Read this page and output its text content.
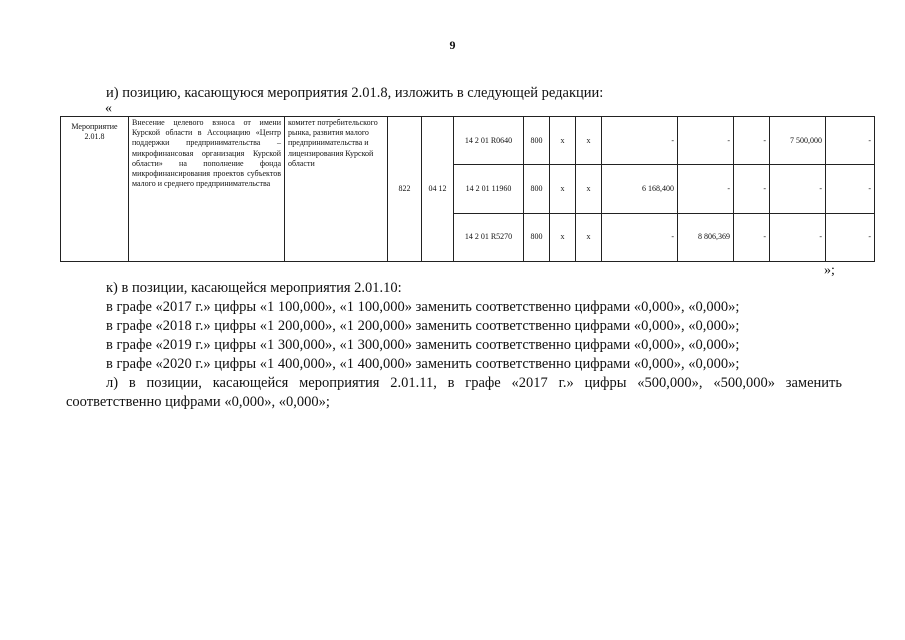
9
и) позицию, касающуюся мероприятия 2.01.8, изложить в следующей редакции:
«
Мероприятие 2.01.8	Внесение целевого взноса от имени Курской области в Ассоциацию «Центр поддержки предпринимательства – микрофинансовая организация Курской области» на пополнение фонда микрофинансирования проектов субъектов малого и среднего предпринимательства	комитет потребительского рынка, развития малого предпринимательства и лицензирования Курской области	822	04 12	14 2 01 R0640	800	х	х	-	-	-	7 500,000	-
					14 2 01 11960	800	х	х	6 168,400	-	-	-	-
					14 2 01 R5270	800	х	х	-	8 806,369	-	-	-
»;

к) в позиции, касающейся мероприятия 2.01.10:

в графе «2017 г.» цифры «1 100,000», «1 100,000» заменить соответственно цифрами «0,000», «0,000»;

в графе «2018 г.» цифры «1 200,000», «1 200,000» заменить соответственно цифрами «0,000», «0,000»;

в графе «2019 г.» цифры «1 300,000», «1 300,000» заменить соответственно цифрами «0,000», «0,000»;

в графе «2020 г.» цифры «1 400,000», «1 400,000» заменить соответственно цифрами «0,000», «0,000»;

л) в позиции, касающейся мероприятия 2.01.11, в графе «2017 г.» цифры «500,000», «500,000» заменить соответственно цифрами «0,000», «0,000»;
